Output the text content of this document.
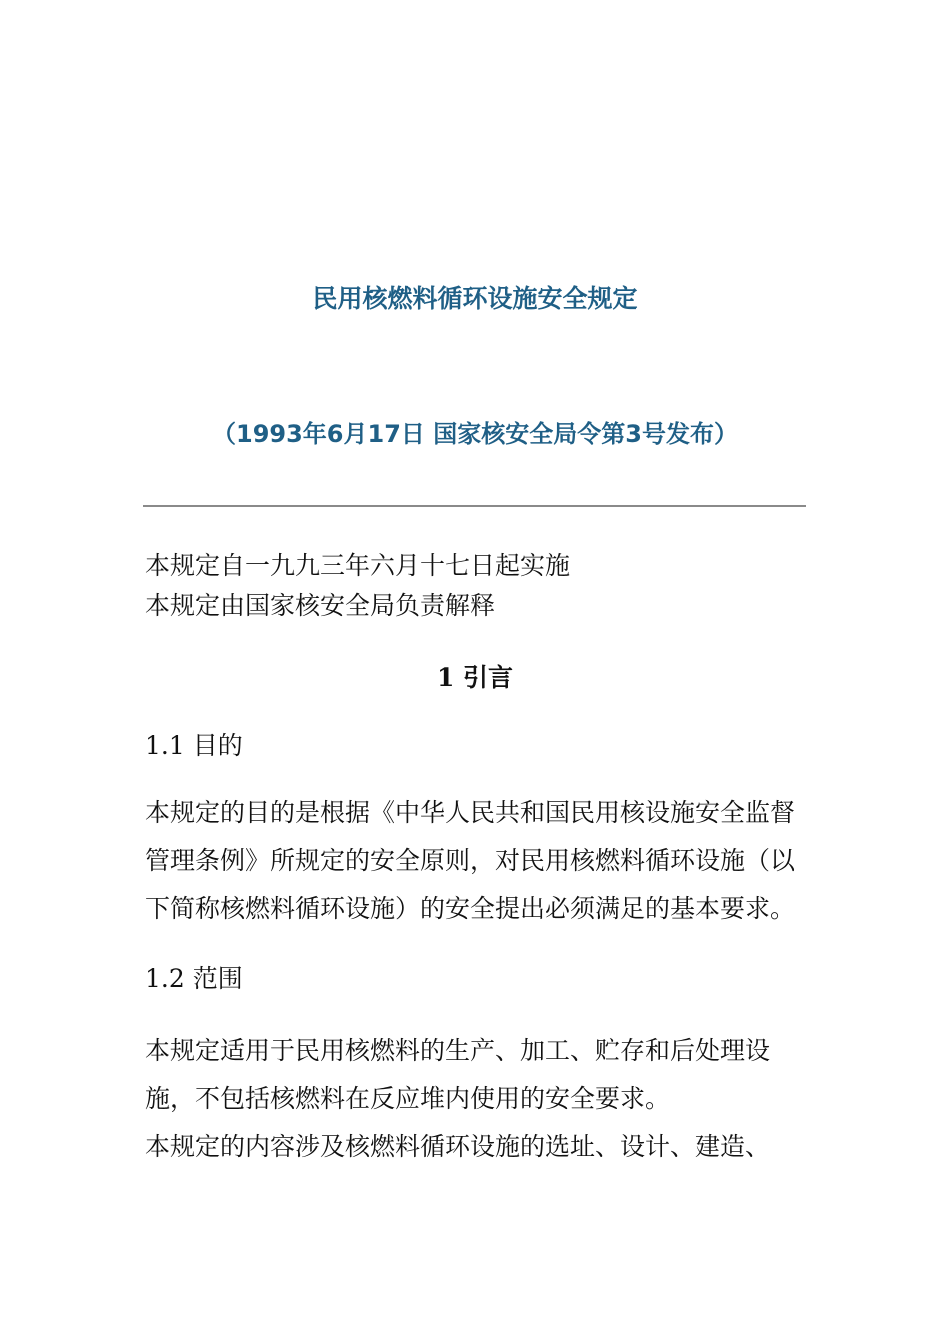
民用核燃料循环设施安全规定
（1993年6月17日 国家核安全局令第3号发布）
本规定自一九九三年六月十七日起实施
本规定由国家核安全局负责解释
1 引言
1.1 目的
本规定的目的是根据《中华人民共和国民用核设施安全监督管理条例》所规定的安全原则，对民用核燃料循环设施（以下简称核燃料循环设施）的安全提出必须满足的基本要求。
1.2 范围
本规定适用于民用核燃料的生产、加工、贮存和后处理设施，不包括核燃料在反应堆内使用的安全要求。
本规定的内容涉及核燃料循环设施的选址、设计、建造、
